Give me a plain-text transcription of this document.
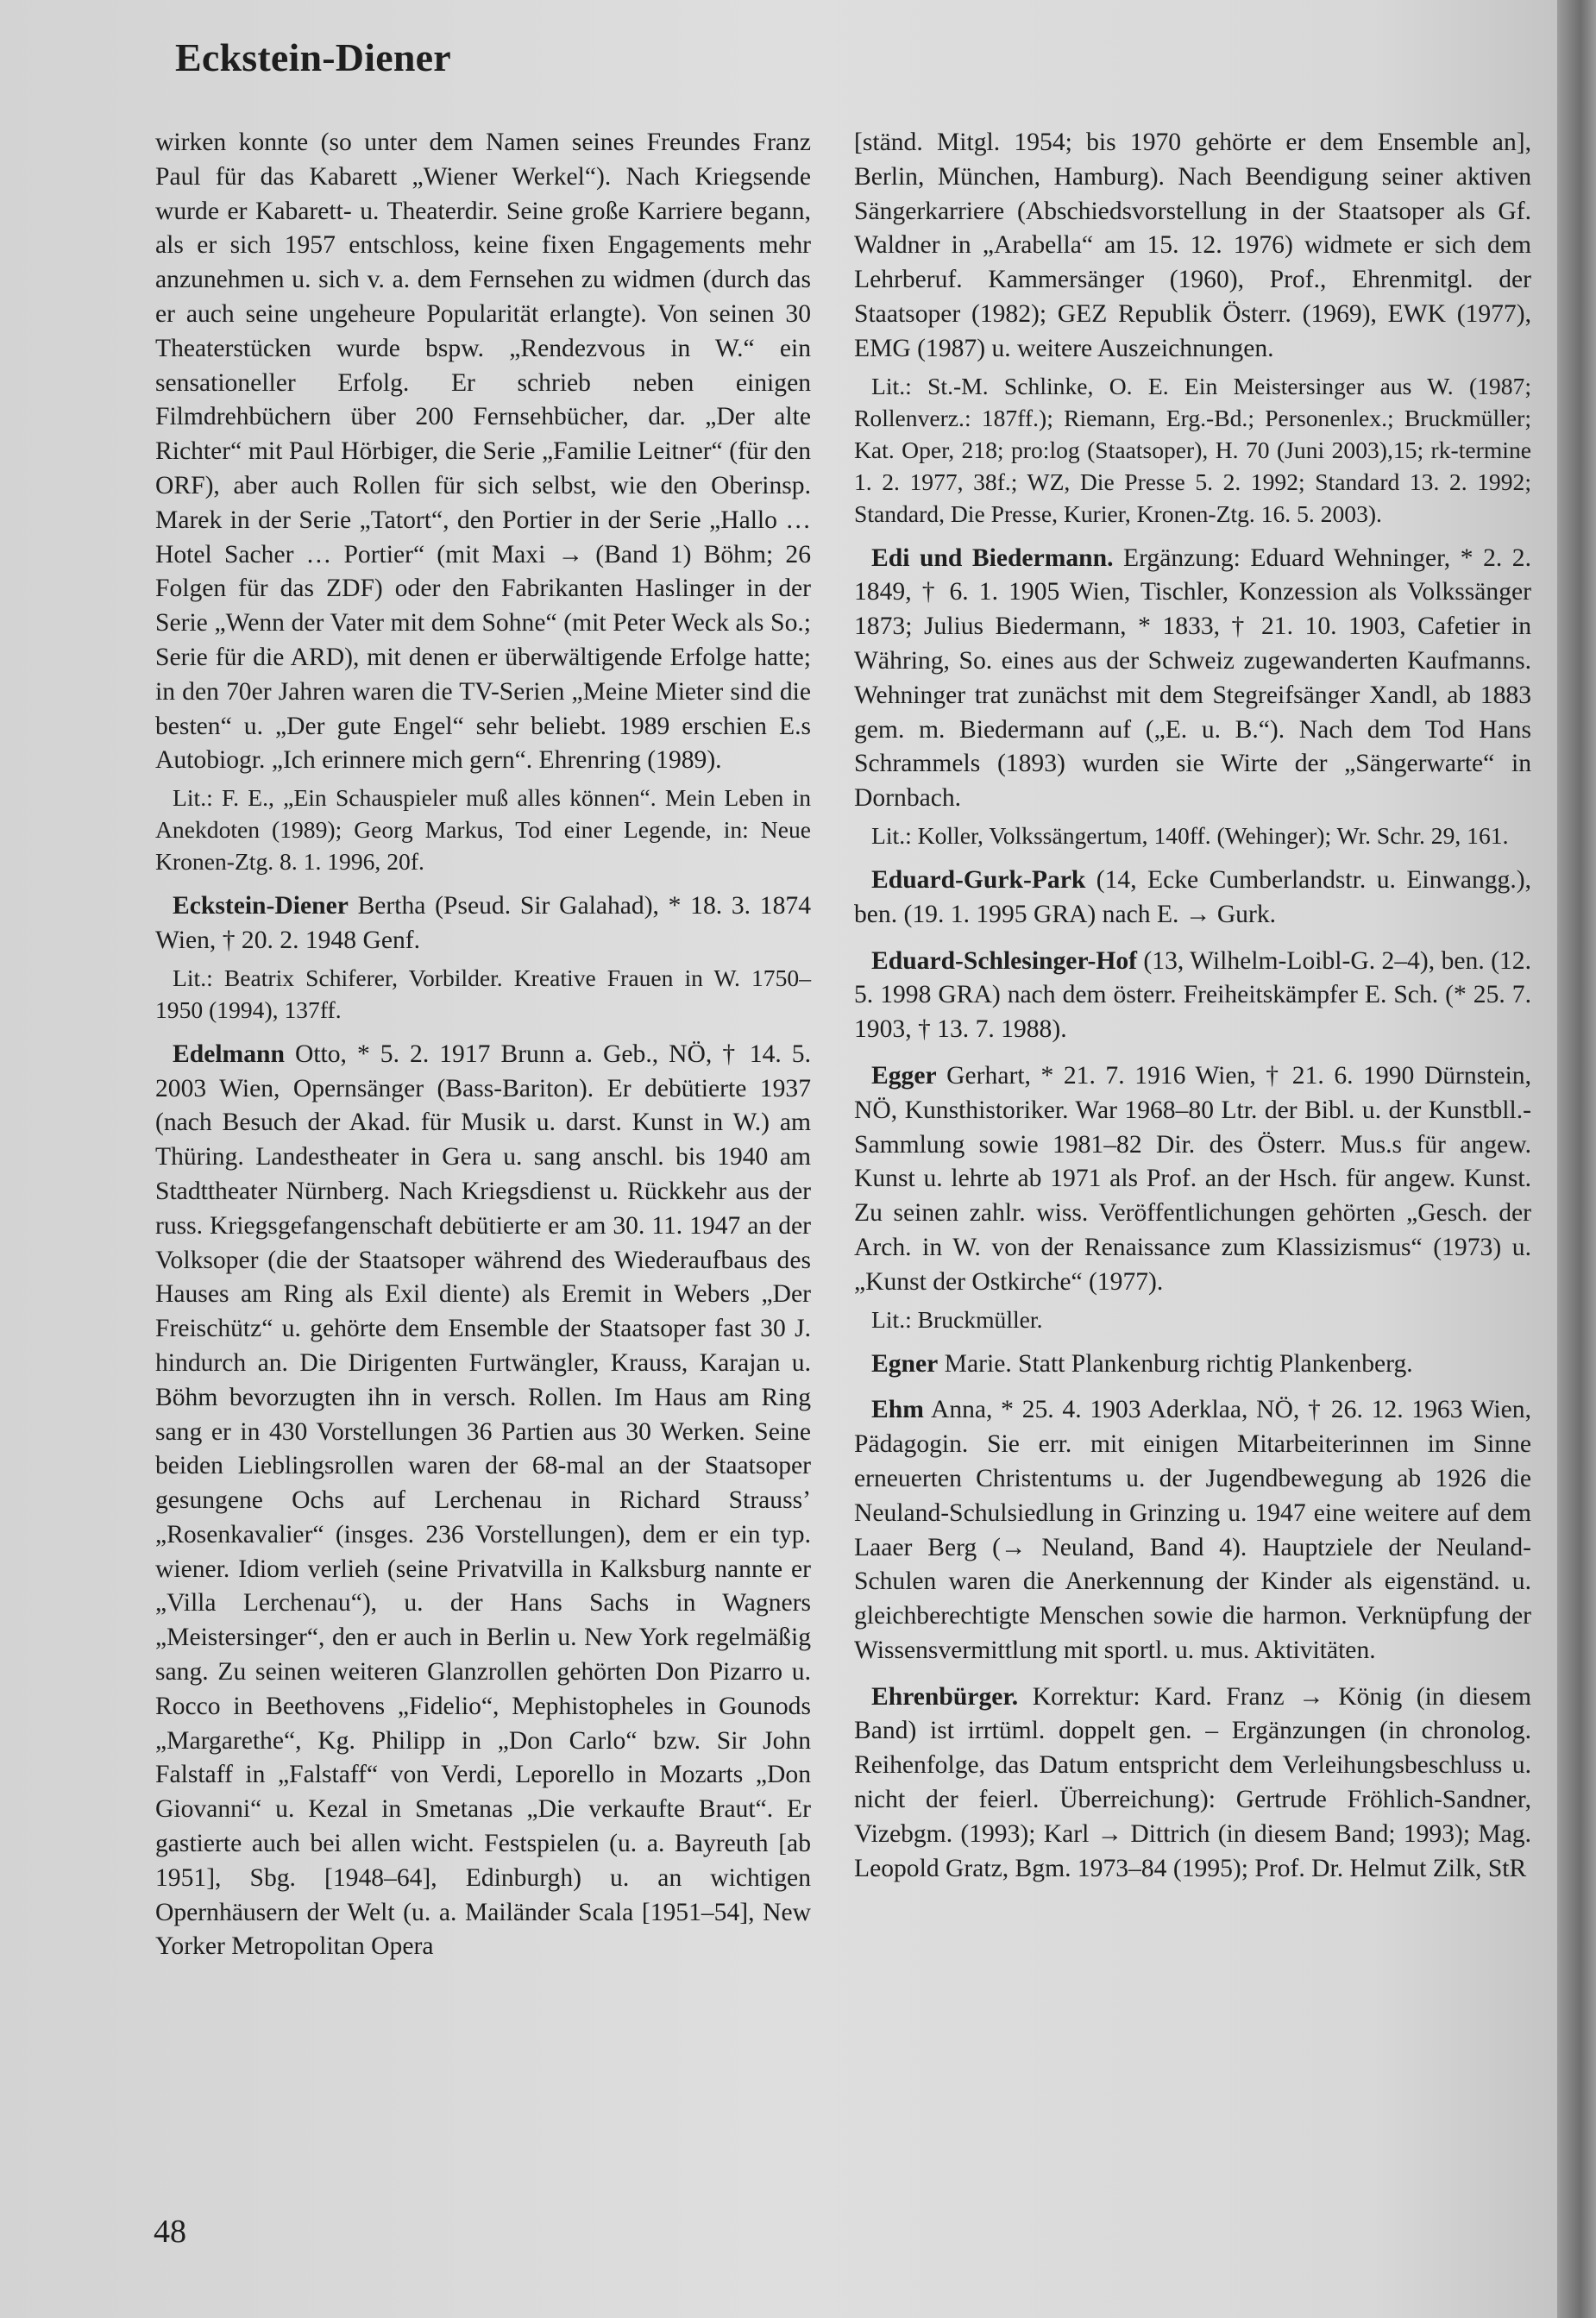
Eckstein-Diener

wirken konnte (so unter dem Namen seines Freundes Franz Paul für das Kabarett „Wiener Werkel“). Nach Kriegsende wurde er Kabarett- u. Theaterdir. Seine große Karriere begann, als er sich 1957 entschloss, keine fixen Engagements mehr anzunehmen u. sich v. a. dem Fernsehen zu widmen (durch das er auch seine ungeheure Popularität erlangte). Von seinen 30 Theaterstücken wurde bspw. „Rendezvous in W.“ ein sensationeller Erfolg. Er schrieb neben einigen Filmdrehbüchern über 200 Fernsehbücher, dar. „Der alte Richter“ mit Paul Hörbiger, die Serie „Familie Leitner“ (für den ORF), aber auch Rollen für sich selbst, wie den Oberinsp. Marek in der Serie „Tatort“, den Portier in der Serie „Hallo … Hotel Sacher … Portier“ (mit Maxi → (Band 1) Böhm; 26 Folgen für das ZDF) oder den Fabrikanten Haslinger in der Serie „Wenn der Vater mit dem Sohne“ (mit Peter Weck als So.; Serie für die ARD), mit denen er überwältigende Erfolge hatte; in den 70er Jahren waren die TV-Serien „Meine Mieter sind die besten“ u. „Der gute Engel“ sehr beliebt. 1989 erschien E.s Autobiogr. „Ich erinnere mich gern“. Ehrenring (1989).

Lit.: F. E., „Ein Schauspieler muß alles können“. Mein Leben in Anekdoten (1989); Georg Markus, Tod einer Legende, in: Neue Kronen-Ztg. 8. 1. 1996, 20f.

Eckstein-Diener Bertha (Pseud. Sir Galahad), * 18. 3. 1874 Wien, † 20. 2. 1948 Genf.

Lit.: Beatrix Schiferer, Vorbilder. Kreative Frauen in W. 1750–1950 (1994), 137ff.

Edelmann Otto, * 5. 2. 1917 Brunn a. Geb., NÖ, † 14. 5. 2003 Wien, Opernsänger (Bass-Bariton). Er debütierte 1937 (nach Besuch der Akad. für Musik u. darst. Kunst in W.) am Thüring. Landestheater in Gera u. sang anschl. bis 1940 am Stadttheater Nürnberg. Nach Kriegsdienst u. Rückkehr aus der russ. Kriegsgefangenschaft debütierte er am 30. 11. 1947 an der Volksoper (die der Staatsoper während des Wiederaufbaus des Hauses am Ring als Exil diente) als Eremit in Webers „Der Freischütz“ u. gehörte dem Ensemble der Staatsoper fast 30 J. hindurch an. Die Dirigenten Furtwängler, Krauss, Karajan u. Böhm bevorzugten ihn in versch. Rollen. Im Haus am Ring sang er in 430 Vorstellungen 36 Partien aus 30 Werken. Seine beiden Lieblingsrollen waren der 68-mal an der Staatsoper gesungene Ochs auf Lerchenau in Richard Strauss’ „Rosenkavalier“ (insges. 236 Vorstellungen), dem er ein typ. wiener. Idiom verlieh (seine Privatvilla in Kalksburg nannte er „Villa Lerchenau“), u. der Hans Sachs in Wagners „Meistersinger“, den er auch in Berlin u. New York regelmäßig sang. Zu seinen weiteren Glanzrollen gehörten Don Pizarro u. Rocco in Beethovens „Fidelio“, Mephistopheles in Gounods „Margarethe“, Kg. Philipp in „Don Carlo“ bzw. Sir John Falstaff in „Falstaff“ von Verdi, Leporello in Mozarts „Don Giovanni“ u. Kezal in Smetanas „Die verkaufte Braut“. Er gastierte auch bei allen wicht. Festspielen (u. a. Bayreuth [ab 1951], Sbg. [1948–64], Edinburgh) u. an wichtigen Opernhäusern der Welt (u. a. Mailänder Scala [1951–54], New Yorker Metropolitan Opera

[ständ. Mitgl. 1954; bis 1970 gehörte er dem Ensemble an], Berlin, München, Hamburg). Nach Beendigung seiner aktiven Sängerkarriere (Abschiedsvorstellung in der Staatsoper als Gf. Waldner in „Arabella“ am 15. 12. 1976) widmete er sich dem Lehrberuf. Kammersänger (1960), Prof., Ehrenmitgl. der Staatsoper (1982); GEZ Republik Österr. (1969), EWK (1977), EMG (1987) u. weitere Auszeichnungen.

Lit.: St.-M. Schlinke, O. E. Ein Meistersinger aus W. (1987; Rollenverz.: 187ff.); Riemann, Erg.-Bd.; Personenlex.; Bruckmüller; Kat. Oper, 218; pro:log (Staatsoper), H. 70 (Juni 2003),15; rk-termine 1. 2. 1977, 38f.; WZ, Die Presse 5. 2. 1992; Standard 13. 2. 1992; Standard, Die Presse, Kurier, Kronen-Ztg. 16. 5. 2003).

Edi und Biedermann. Ergänzung: Eduard Wehninger, * 2. 2. 1849, † 6. 1. 1905 Wien, Tischler, Konzession als Volkssänger 1873; Julius Biedermann, * 1833, † 21. 10. 1903, Cafetier in Währing, So. eines aus der Schweiz zugewanderten Kaufmanns. Wehninger trat zunächst mit dem Stegreifsänger Xandl, ab 1883 gem. m. Biedermann auf („E. u. B.“). Nach dem Tod Hans Schrammels (1893) wurden sie Wirte der „Sängerwarte“ in Dornbach.

Lit.: Koller, Volkssängertum, 140ff. (Wehinger); Wr. Schr. 29, 161.

Eduard-Gurk-Park (14, Ecke Cumberlandstr. u. Einwangg.), ben. (19. 1. 1995 GRA) nach E. → Gurk.

Eduard-Schlesinger-Hof (13, Wilhelm-Loibl-G. 2–4), ben. (12. 5. 1998 GRA) nach dem österr. Freiheitskämpfer E. Sch. (* 25. 7. 1903, † 13. 7. 1988).

Egger Gerhart, * 21. 7. 1916 Wien, † 21. 6. 1990 Dürnstein, NÖ, Kunsthistoriker. War 1968–80 Ltr. der Bibl. u. der Kunstbll.-Sammlung sowie 1981–82 Dir. des Österr. Mus.s für angew. Kunst u. lehrte ab 1971 als Prof. an der Hsch. für angew. Kunst. Zu seinen zahlr. wiss. Veröffentlichungen gehörten „Gesch. der Arch. in W. von der Renaissance zum Klassizismus“ (1973) u. „Kunst der Ostkirche“ (1977).

Lit.: Bruckmüller.

Egner Marie. Statt Plankenburg richtig Plankenberg.

Ehm Anna, * 25. 4. 1903 Aderklaa, NÖ, † 26. 12. 1963 Wien, Pädagogin. Sie err. mit einigen Mitarbeiterinnen im Sinne erneuerten Christentums u. der Jugendbewegung ab 1926 die Neuland-Schulsiedlung in Grinzing u. 1947 eine weitere auf dem Laaer Berg (→ Neuland, Band 4). Hauptziele der Neuland-Schulen waren die Anerkennung der Kinder als eigenständ. u. gleichberechtigte Menschen sowie die harmon. Verknüpfung der Wissensvermittlung mit sportl. u. mus. Aktivitäten.

Ehrenbürger. Korrektur: Kard. Franz → König (in diesem Band) ist irrtüml. doppelt gen. – Ergänzungen (in chronolog. Reihenfolge, das Datum entspricht dem Verleihungsbeschluss u. nicht der feierl. Überreichung): Gertrude Fröhlich-Sandner, Vizebgm. (1993); Karl → Dittrich (in diesem Band; 1993); Mag. Leopold Gratz, Bgm. 1973–84 (1995); Prof. Dr. Helmut Zilk, StR

48
